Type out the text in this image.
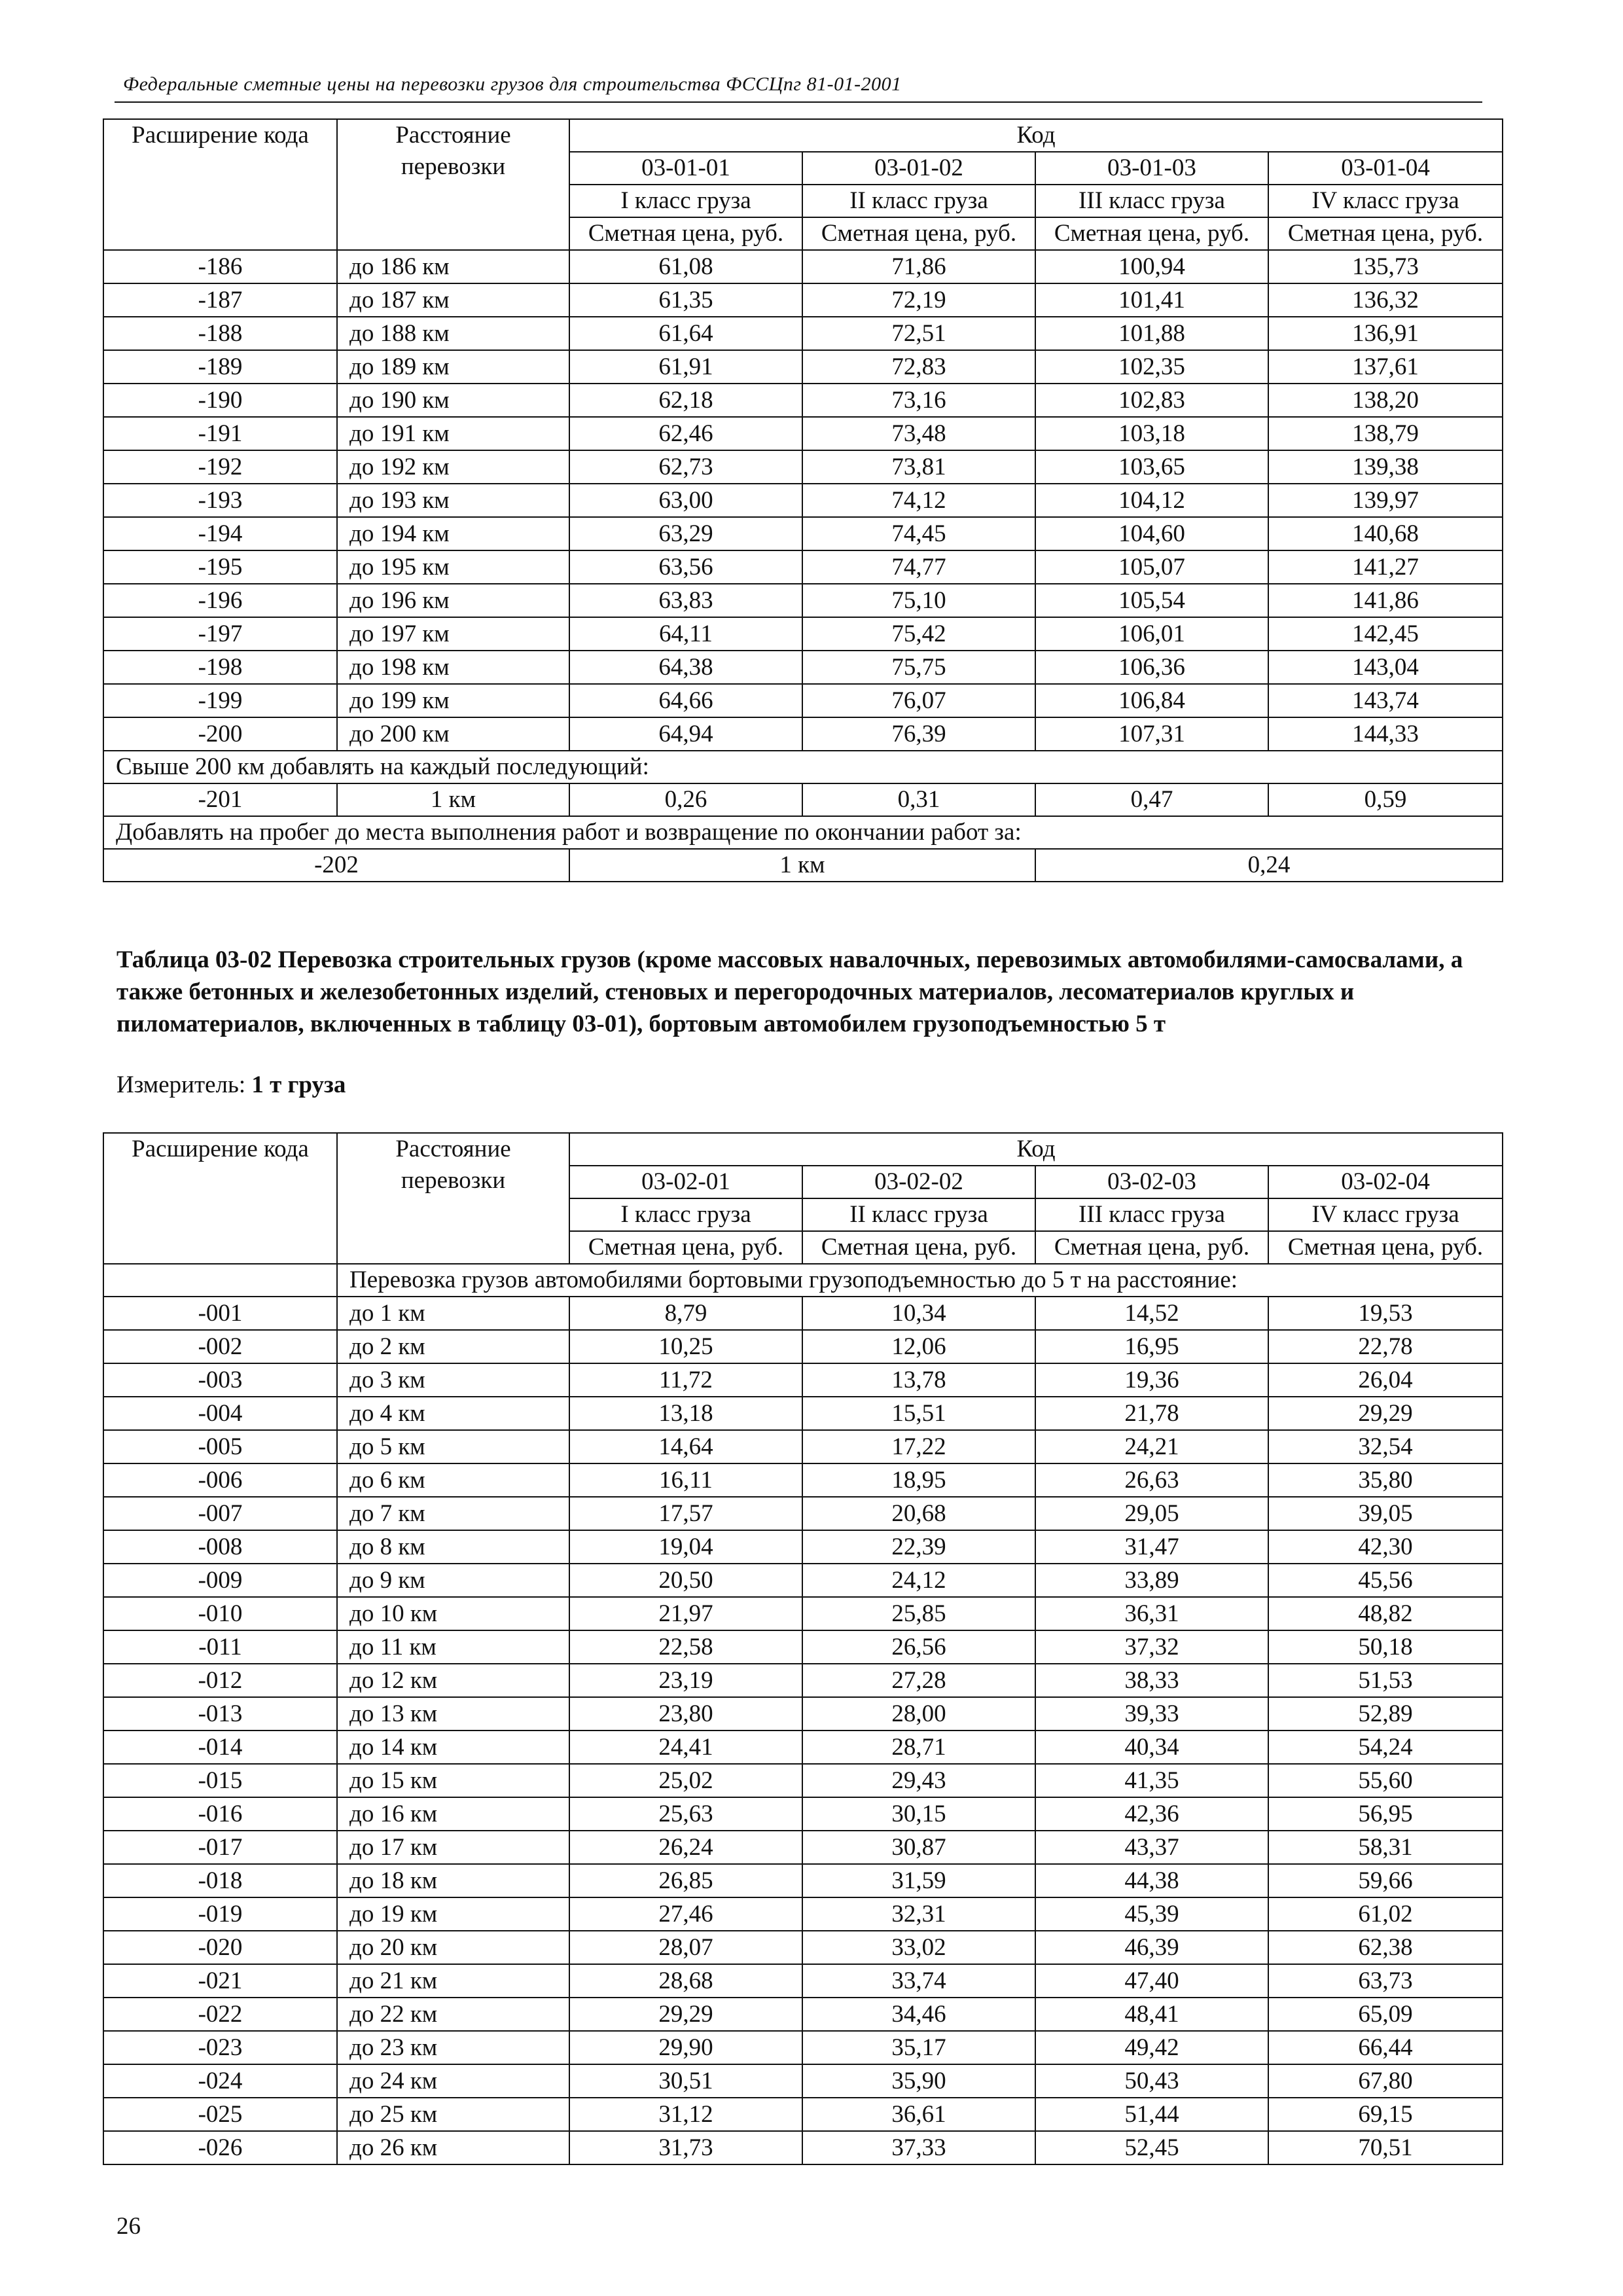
Федеральные сметные цены на перевозки грузов для строительства ФССЦпг 81-01-2001
Расширение кода	Расстояние перевозки	Код			
		03-01-01	03-01-02	03-01-03	03-01-04
		I класс груза	II класс груза	III класс груза	IV класс груза
		Сметная цена, руб.	Сметная цена, руб.	Сметная цена, руб.	Сметная цена, руб.
-186	до 186 км	61,08	71,86	100,94	135,73
-187	до 187 км	61,35	72,19	101,41	136,32
-188	до 188 км	61,64	72,51	101,88	136,91
-189	до 189 км	61,91	72,83	102,35	137,61
-190	до 190 км	62,18	73,16	102,83	138,20
-191	до 191 км	62,46	73,48	103,18	138,79
-192	до 192 км	62,73	73,81	103,65	139,38
-193	до 193 км	63,00	74,12	104,12	139,97
-194	до 194 км	63,29	74,45	104,60	140,68
-195	до 195 км	63,56	74,77	105,07	141,27
-196	до 196 км	63,83	75,10	105,54	141,86
-197	до 197 км	64,11	75,42	106,01	142,45
-198	до 198 км	64,38	75,75	106,36	143,04
-199	до 199 км	64,66	76,07	106,84	143,74
-200	до 200 км	64,94	76,39	107,31	144,33
Свыше 200 км добавлять на каждый последующий:					
-201	1 км	0,26	0,31	0,47	0,59
Добавлять на пробег до места выполнения работ и возвращение по окончании работ за:					
-202		1 км		0,24	
Таблица 03-02 Перевозка строительных грузов (кроме массовых навалочных, перевозимых автомобилями-самосвалами, а также бетонных и железобетонных изделий, стеновых и перегородочных материалов, лесоматериалов круглых и пиломатериалов, включенных в таблицу 03-01), бортовым автомобилем грузоподъемностью 5 т
Измеритель: 1 т груза
Расширение кода	Расстояние перевозки	Код			
		03-02-01	03-02-02	03-02-03	03-02-04
		I класс груза	II класс груза	III класс груза	IV класс груза
		Сметная цена, руб.	Сметная цена, руб.	Сметная цена, руб.	Сметная цена, руб.
	Перевозка грузов автомобилями бортовыми грузоподъемностью до 5 т на расстояние:				
-001	до 1 км	8,79	10,34	14,52	19,53
-002	до 2 км	10,25	12,06	16,95	22,78
-003	до 3 км	11,72	13,78	19,36	26,04
-004	до 4 км	13,18	15,51	21,78	29,29
-005	до 5 км	14,64	17,22	24,21	32,54
-006	до 6 км	16,11	18,95	26,63	35,80
-007	до 7 км	17,57	20,68	29,05	39,05
-008	до 8 км	19,04	22,39	31,47	42,30
-009	до 9 км	20,50	24,12	33,89	45,56
-010	до 10 км	21,97	25,85	36,31	48,82
-011	до 11 км	22,58	26,56	37,32	50,18
-012	до 12 км	23,19	27,28	38,33	51,53
-013	до 13 км	23,80	28,00	39,33	52,89
-014	до 14 км	24,41	28,71	40,34	54,24
-015	до 15 км	25,02	29,43	41,35	55,60
-016	до 16 км	25,63	30,15	42,36	56,95
-017	до 17 км	26,24	30,87	43,37	58,31
-018	до 18 км	26,85	31,59	44,38	59,66
-019	до 19 км	27,46	32,31	45,39	61,02
-020	до 20 км	28,07	33,02	46,39	62,38
-021	до 21 км	28,68	33,74	47,40	63,73
-022	до 22 км	29,29	34,46	48,41	65,09
-023	до 23 км	29,90	35,17	49,42	66,44
-024	до 24 км	30,51	35,90	50,43	67,80
-025	до 25 км	31,12	36,61	51,44	69,15
-026	до 26 км	31,73	37,33	52,45	70,51
26
